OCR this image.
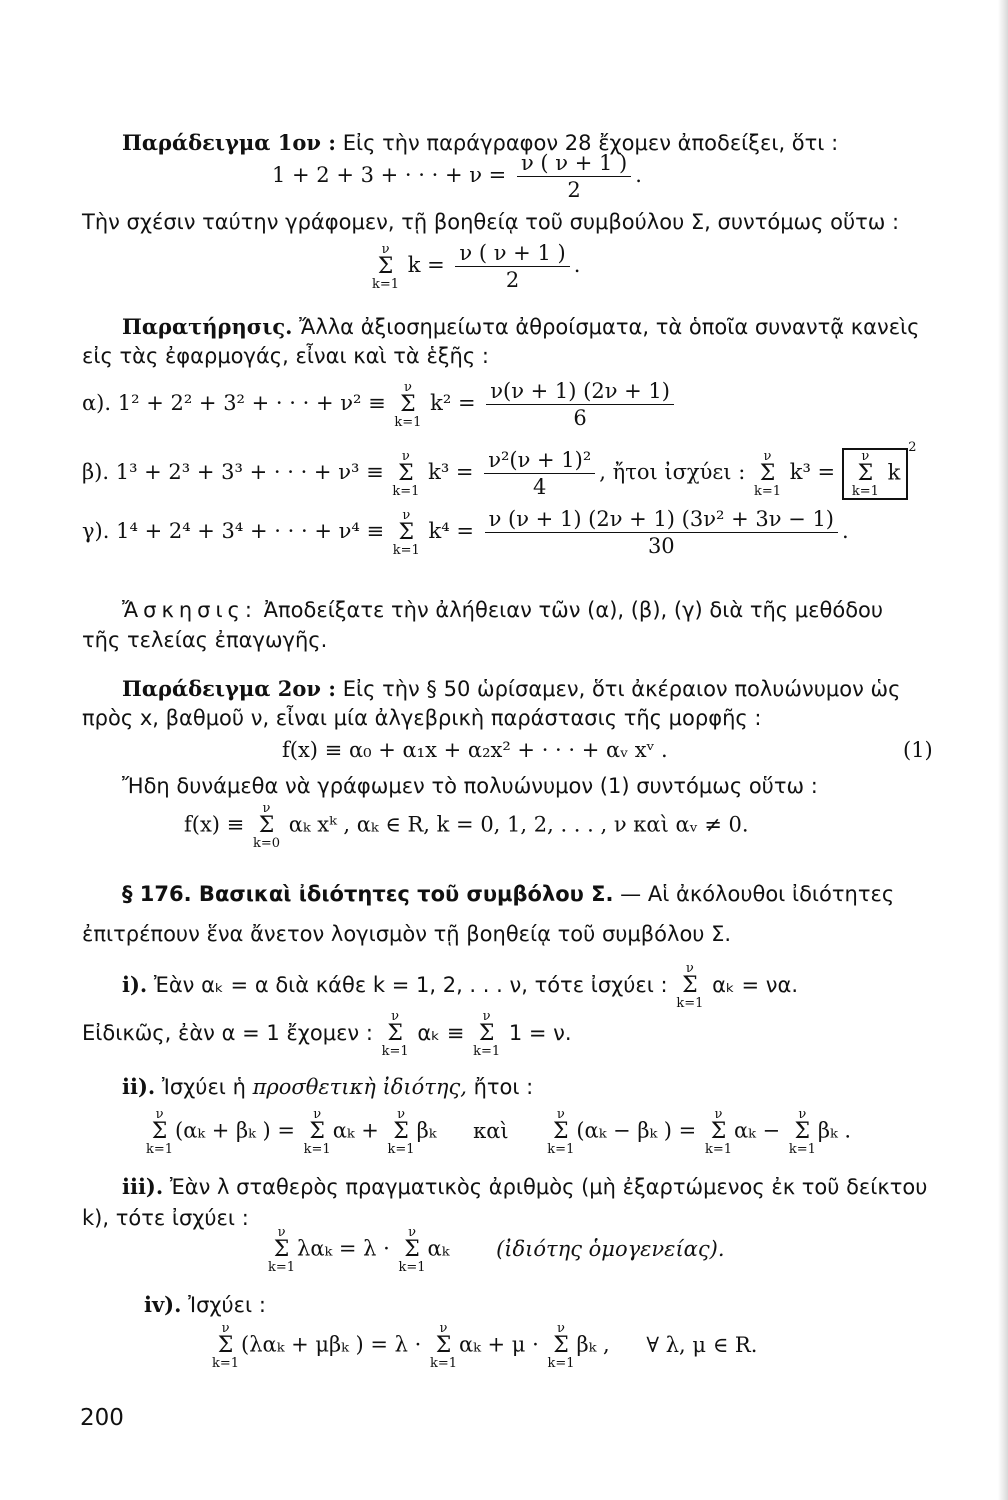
Παράδειγμα 1ον : Εἰς τὴν παράγραφον 28 ἔχομεν ἀποδείξει, ὅτι :
1 + 2 + 3 + · · · + $\nu = \frac{\nu ( \nu + 1 )}{2}$ .
Τὴν σχέσιν ταύτην γράφομεν, τῇ βοηθείᾳ τοῦ συμβούλου Σ, συντόμως οὕτω :
ν
Σ
k=1
$k = \frac{\nu ( \nu + 1 )}{2}$ .
Παρατήρησις. Ἄλλα ἀξιοσημείωτα ἀθροίσματα, τὰ ὁποῖα συναντᾷ κανεὶς
εἰς τὰς ἐφαρμογάς, εἶναι καὶ τὰ ἑξῆς :
α). 1² + 2² + 3² + · · · + ν² ≡
ν
Σ
k=1
$k^2 = \frac{\nu(\nu + 1) (2\nu + 1)}{6}$
β). 1³ + 2³ + 3³ + · · · + ν³ ≡
ν
Σ
k=1
$k^3 = \frac{\text{ν²(ν + 1)²}}{4}$ , ἤτοι ἰσχύει :
ν
Σ
k=1
k³ =
ν
Σ
k=1
$k^2$
γ). 1⁴ + 2⁴ + 3⁴ + · · · + ν⁴ ≡
ν
Σ
k=1
$k^4 = \frac{\text{ν (ν + 1) (2ν + 1) (3ν² + 3ν − 1)}}{30}$ .
Ἄσκησις: Ἀποδείξατε τὴν ἀλήθειαν τῶν (α), (β), (γ) διὰ τῆς μεθόδου
τῆς τελείας ἐπαγωγῆς.
Παράδειγμα 2ον : Εἰς τὴν § 50 ὡρίσαμεν, ὅτι ἀκέραιον πολυώνυμον ὡς
πρὸς x, βαθμοῦ ν, εἶναι μία ἀλγεβρικὴ παράστασις τῆς μορφῆς :
f(x) ≡ α₀ + α₁x + α₂x² + · · · + αᵥ xᵛ .	(1)
Ἤδη δυνάμεθα νὰ γράφωμεν τὸ πολυώνυμον (1) συντόμως οὕτω :
f(x) ≡
ν
Σ
k=0
αₖ xᵏ , αₖ ∈ R, k = 0, 1, 2, . . . , ν καὶ αᵥ ≠ 0.
§ 176. Βασικαὶ ἰδιότητες τοῦ συμβόλου Σ. — Αἱ ἀκόλουθοι ἰδιότητες
ἐπιτρέπουν ἕνα ἄνετον λογισμὸν τῇ βοηθείᾳ τοῦ συμβόλου Σ.
i). Ἐὰν αₖ = α διὰ κάθε k = 1, 2, . . . ν, τότε ἰσχύει :
ν
Σ
k=1
αₖ = να.
Εἰδικῶς, ἐὰν α = 1 ἔχομεν :
ν
Σ
k=1
αₖ ≡
ν
Σ
k=1
1 = ν.
ii). Ἰσχύει ἡ προσθετικὴ ἰδιότης, ἤτοι :
ν
Σ
k=1
(αₖ + βₖ ) =
ν
Σ
k=1
αₖ +
ν
Σ
k=1
βₖ καὶ
ν
Σ
k=1
(αₖ − βₖ ) =
ν
Σ
k=1
αₖ −
ν
Σ
k=1
βₖ .
iii). Ἐὰν λ σταθερὸς πραγματικὸς ἀριθμὸς (μὴ ἐξαρτώμενος ἐκ τοῦ δείκτου
k), τότε ἰσχύει :
ν
Σ
k=1
λαₖ = λ ·
ν
Σ
k=1
αₖ (ἰδιότης ὁμογενείας).
iv). Ἰσχύει :
ν
Σ
k=1
(λαₖ + μβₖ ) = λ ·
ν
Σ
k=1
αₖ + μ ·
ν
Σ
k=1
βₖ , ∀ λ, μ ∈ R.
200
